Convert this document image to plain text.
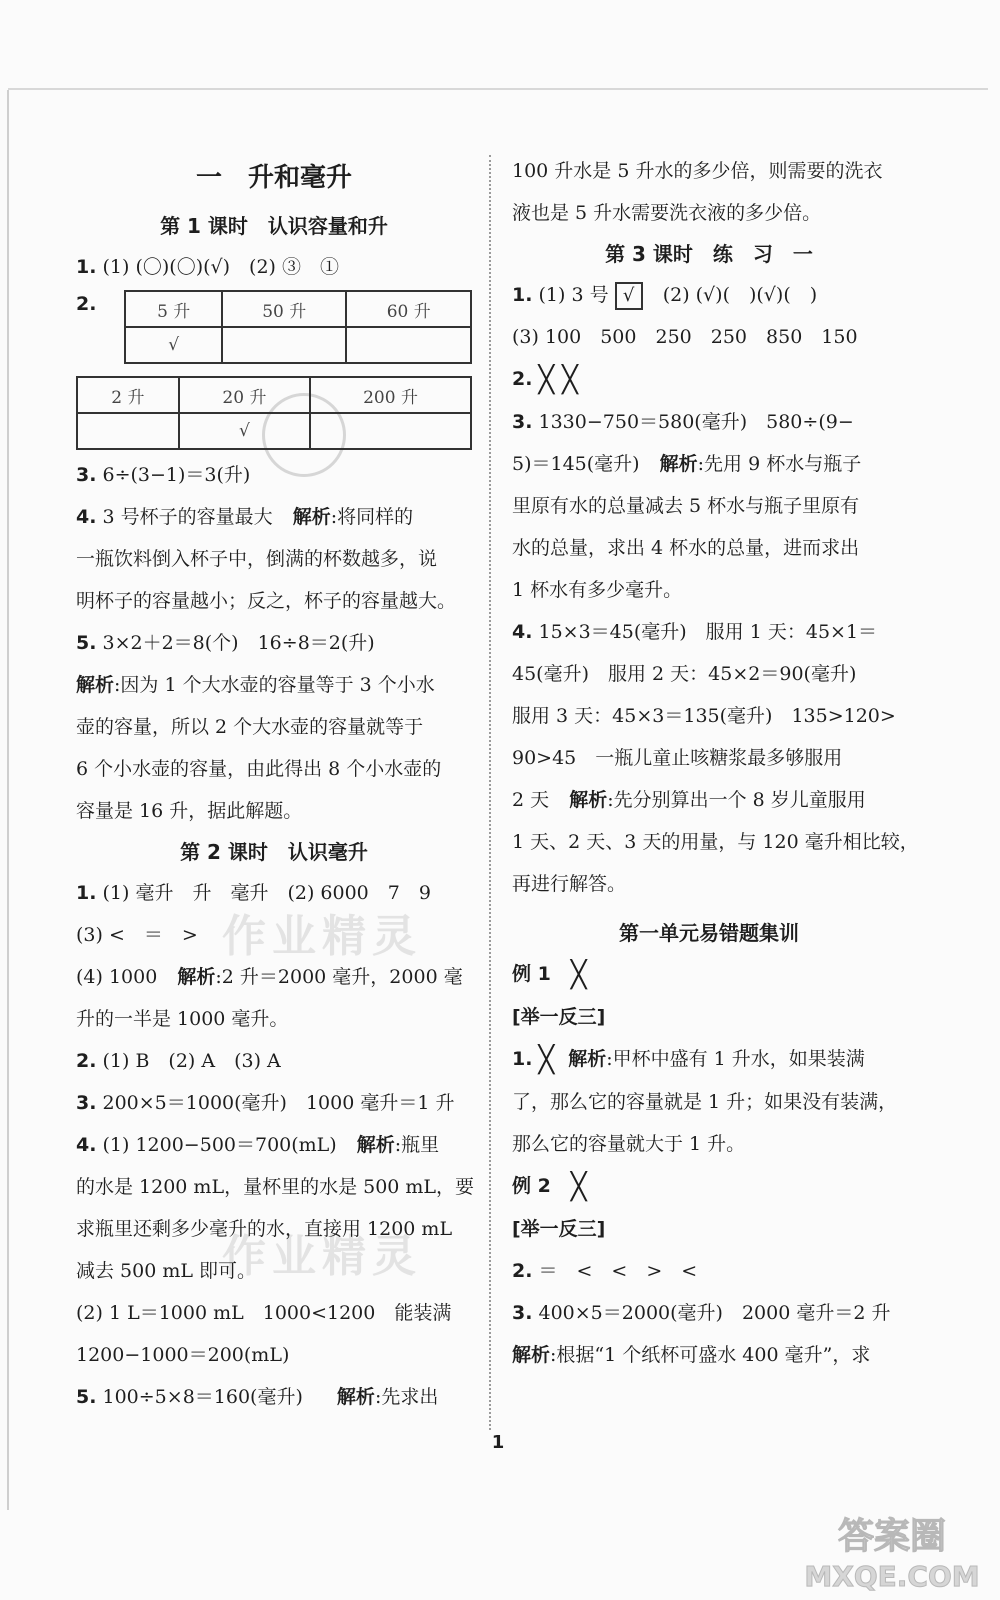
作业精灵
作业精灵
一　升和毫升
第 1 课时　认识容量和升

1. (1) (〇)(〇)(√)　(2) ③　①

2.	5 升	50 升	60 升
√		
2 升	20 升	200 升
	√	

3. 6÷(3−1)＝3(升)

4. 3 号杯子的容量最大 解析:将同样的

一瓶饮料倒入杯子中，倒满的杯数越多，说

明杯子的容量越小；反之，杯子的容量越大。

5. 3×2＋2＝8(个)　16÷8＝2(升)

解析:因为 1 个大水壶的容量等于 3 个小水

壶的容量，所以 2 个大水壶的容量就等于

6 个小水壶的容量，由此得出 8 个小水壶的

容量是 16 升，据此解题。

第 2 课时　认识毫升

1. (1) 毫升　升　毫升　(2) 6000　7　9

(3) <　＝　>

(4) 1000 解析:2 升＝2000 毫升，2000 毫

升的一半是 1000 毫升。

2. (1) B　(2) A　(3) A

3. 200×5＝1000(毫升)　1000 毫升＝1 升

4. (1) 1200−500＝700(mL) 解析:瓶里

的水是 1200 mL，量杯里的水是 500 mL，要

求瓶里还剩多少毫升的水，直接用 1200 mL

减去 500 mL 即可。

(2) 1 L＝1000 mL　1000<1200　能装满

1200−1000＝200(mL)

5. 100÷5×8＝160(毫升) 解析:先求出

100 升水是 5 升水的多少倍，则需要的洗衣

液也是 5 升水需要洗衣液的多少倍。

第 3 课时　练　习　一

1. (1) 3 号 √ (2) (√)(　)(√)(　)

(3) 100　500　250　250　850　150

2. ╳╳

3. 1330−750＝580(毫升)　580÷(9−

5)＝145(毫升) 解析:先用 9 杯水与瓶子

里原有水的总量减去 5 杯水与瓶子里原有

水的总量，求出 4 杯水的总量，进而求出

1 杯水有多少毫升。

4. 15×3＝45(毫升)　服用 1 天：45×1＝

45(毫升)　服用 2 天：45×2＝90(毫升)

服用 3 天：45×3＝135(毫升)　135>120>

90>45　一瓶儿童止咳糖浆最多够服用

2 天 解析:先分别算出一个 8 岁儿童服用

1 天、2 天、3 天的用量，与 120 毫升相比较，

再进行解答。

第一单元易错题集训

例 1 ╳

[举一反三]

1. ╳ 解析:甲杯中盛有 1 升水，如果装满

了，那么它的容量就是 1 升；如果没有装满，

那么它的容量就大于 1 升。

例 2 ╳

[举一反三]

2. ＝　<　<　>　<

3. 400×5＝2000(毫升)　2000 毫升＝2 升

解析:根据“1 个纸杯可盛水 400 毫升”，求

1
答案圈
MXQE.COM
